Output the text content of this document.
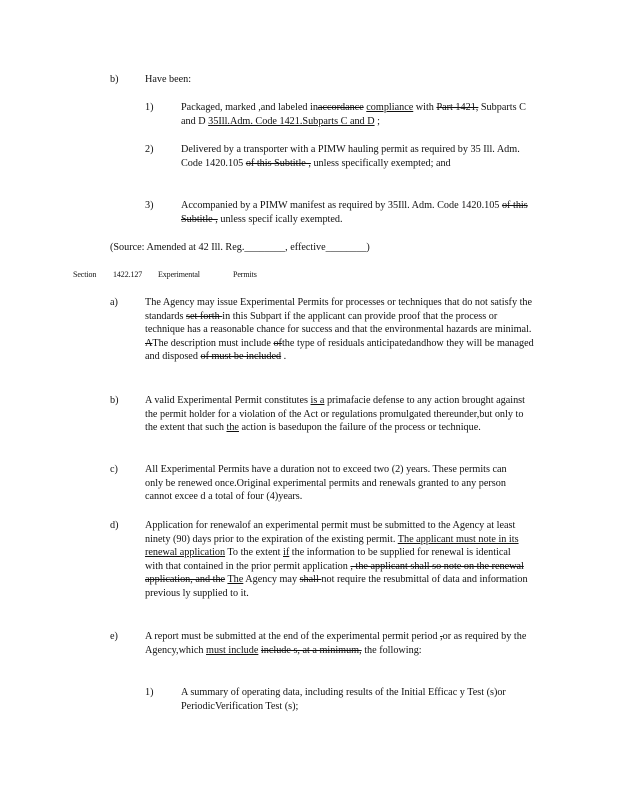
b)	Have been:
1)	Packaged, marked ,and labeled inaccordance compliance with Part 1421, Subparts C and D 35Ill.Adm. Code 1421.Subparts C and D ;
2)	Delivered by a transporter with a PIMW hauling permit as required by 35 Ill. Adm. Code 1420.105 of this Subtitle , unless specifically exempted; and
3)	Accompanied by a PIMW manifest as required by 35Ill. Adm. Code 1420.105 of this Subtitle , unless specif ically exempted.
(Source: Amended at 42 Ill. Reg.________, effective________)
Section 1422.127 Experimental	Permits
a)	The Agency may issue Experimental Permits for processes or techniques that do not satisfy the standards set forth in this Subpart if the applicant can provide proof that the process or technique has a reasonable chance for success and that the environmental hazards are minimal. AThe description must include ofthe type of residuals anticipatedandhow they will be managed and disposed of must be included .
b)	A valid Experimental Permit constitutes is a primafacie defense to any action brought against the permit holder for a violation of the Act or regulations promulgated thereunder,but only to the extent that such the action is basedupon the failure of the process or technique.
c)	All Experimental Permits have a duration not to exceed two (2) years. These permits can only be renewed once.Original experimental permits and renewals granted to any person cannot excee d a total of four (4)years.
d)	Application for renewalof an experimental permit must be submitted to the Agency at least ninety (90) days prior to the expiration of the existing permit. The applicant must note in its renewal application To the extent if the information to be supplied for renewal is identical with that contained in the prior permit application , the applicant shall so note on the renewal application, and the The Agency may shall not require the resubmittal of data and information previous ly supplied to it.
e)	A report must be submitted at the end of the experimental permit period ,or as required by the Agency,which must include include s, at a minimum, the following:
1)	A summary of operating data, including results of the Initial Efficac y Test (s)or PeriodicVerification Test (s);
